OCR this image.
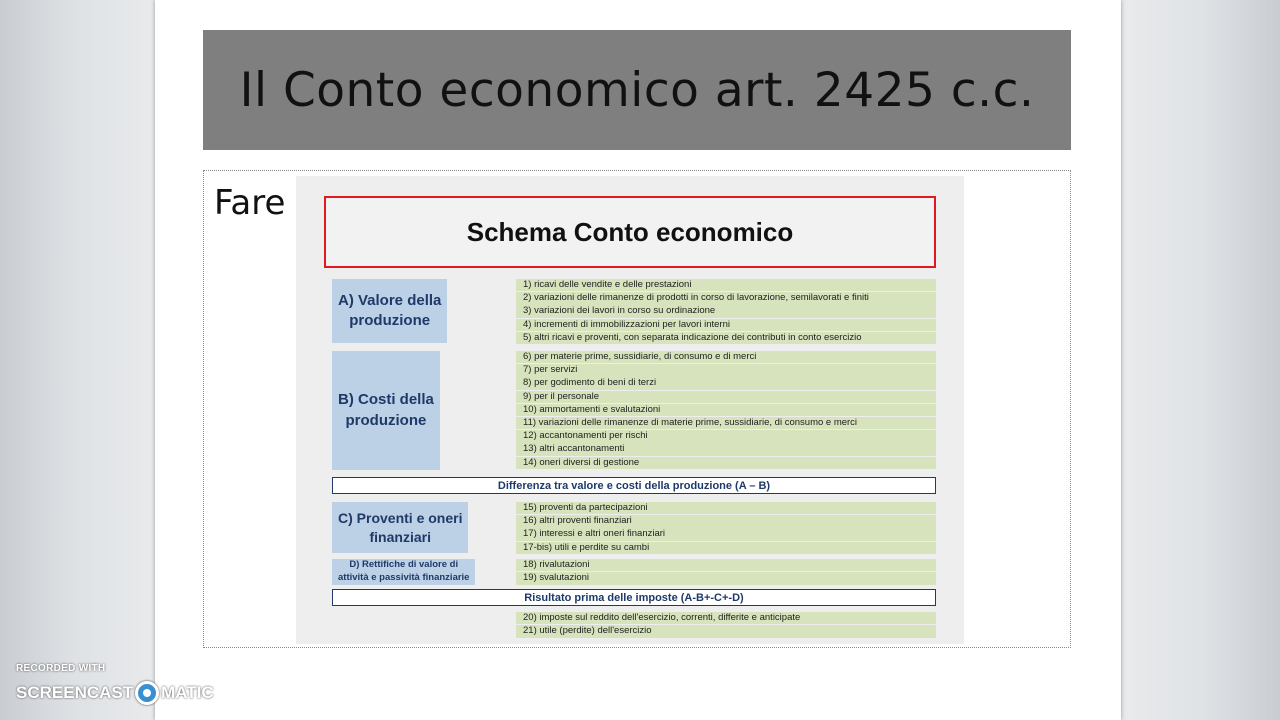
Il Conto economico art. 2425 c.c.
Fare
Schema Conto economico
A) Valore della
produzione
1) ricavi delle vendite e delle prestazioni
2) variazioni delle rimanenze di prodotti in corso di lavorazione, semilavorati e finiti
3) variazioni dei lavori in corso su ordinazione
4) incrementi di immobilizzazioni per lavori interni
5) altri ricavi e proventi, con separata indicazione dei contributi in conto esercizio
B) Costi della
produzione
6) per materie prime, sussidiarie, di consumo e di merci
7) per servizi
8) per godimento di beni di terzi
9) per il personale
10) ammortamenti e svalutazioni
11) variazioni delle rimanenze di materie prime, sussidiarie, di consumo e merci
12) accantonamenti per rischi
13) altri accantonamenti
14) oneri diversi di gestione
Differenza tra valore e costi della produzione (A – B)
C) Proventi e oneri
finanziari
15) proventi da partecipazioni
16) altri proventi finanziari
17) interessi e altri oneri finanziari
17-bis) utili e perdite su cambi
D) Rettifiche di valore di
attività e passività finanziarie
18) rivalutazioni
19) svalutazioni
Risultato prima delle imposte (A-B+-C+-D)
20) imposte sul reddito dell'esercizio, correnti, differite e anticipate
21) utile (perdite) dell'esercizio
RECORDED WITH
SCREENCAST MATIC
